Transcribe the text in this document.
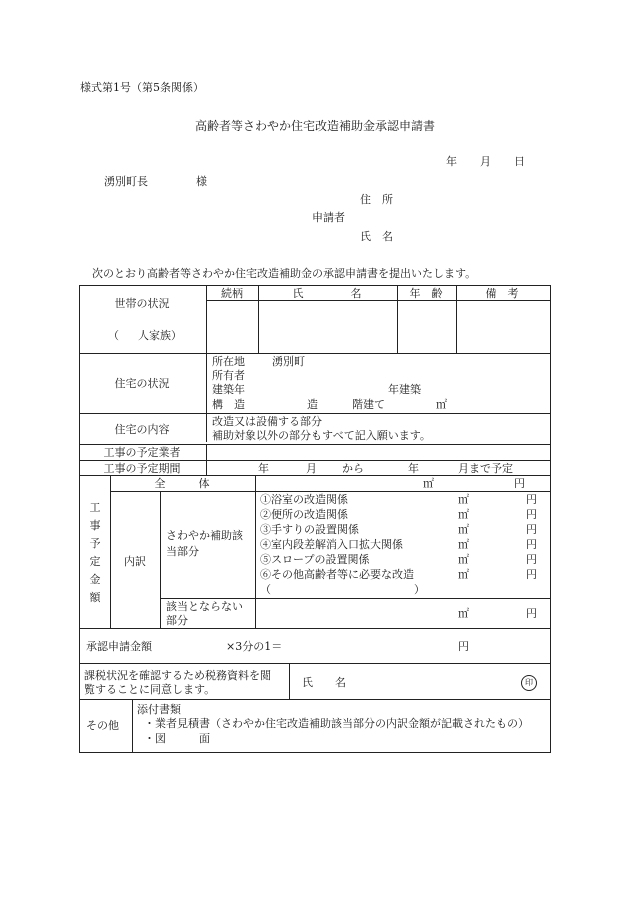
様式第1号（第5条関係）
高齢者等さわやか住宅改造補助金承認申請書
年 月 日
湧別町長	様
住　所
申請者
氏　名
次のとおり高齢者等さわやか住宅改造補助金の承認申請書を提出いたします。
世帯の状況
（ 人家族）
続柄	氏	名	年　齢	備　考
住宅の状況
所在地 湧別町
所有者
建築年	年建築
構　造	造	階建て	㎡
住宅の内容
改造又は設備する部分
補助対象以外の部分もすべて記入願います。
工事の予定業者
工事の予定期間	年	月 から	年	月まで予定
工
事
予
定
金
額
全　　　体	㎡	円
内訳
さわやか補助該
当部分
①浴室の改造関係	㎡	円
②便所の改造関係	㎡	円
③手すりの設置関係	㎡	円
④室内段差解消入口拡大関係	㎡	円
⑤スロープの設置関係	㎡	円
⑥その他高齢者等に必要な改造	㎡	円
（	）
該当とならない
部分
㎡	円
承認申請金額	×3分の1＝	円
課税状況を確認するため税務資料を閲
覧することに同意します。
氏　　名	印
その他
添付書類
・業者見積書（さわやか住宅改造補助該当部分の内訳金額が記載されたもの）
・図　　　面
